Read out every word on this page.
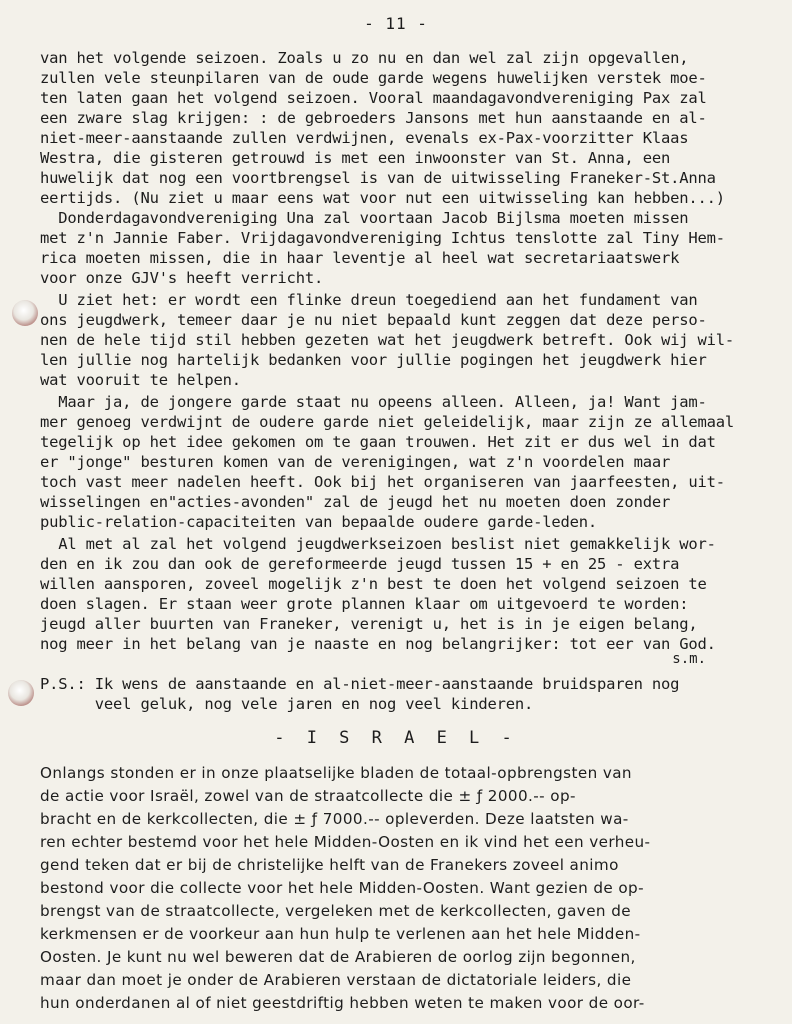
- 11 -
van het volgende seizoen. Zoals u zo nu en dan wel zal zijn opgevallen,
zullen vele steunpilaren van de oude garde wegens huwelijken verstek moe-
ten laten gaan het volgend seizoen. Vooral maandagavondvereniging Pax zal
een zware slag krijgen: : de gebroeders Jansons met hun aanstaande en al-
niet-meer-aanstaande zullen verdwijnen, evenals ex-Pax-voorzitter Klaas
Westra, die gisteren getrouwd is met een inwoonster van St. Anna, een
huwelijk dat nog een voortbrengsel is van de uitwisseling Franeker-St.Anna
eertijds. (Nu ziet u maar eens wat voor nut een uitwisseling kan hebben...)
Donderdagavondvereniging Una zal voortaan Jacob Bijlsma moeten missen
met z'n Jannie Faber. Vrijdagavondvereniging Ichtus tenslotte zal Tiny Hem-
rica moeten missen, die in haar leventje al heel wat secretariaatswerk
voor onze GJV's heeft verricht.
U ziet het: er wordt een flinke dreun toegediend aan het fundament van
ons jeugdwerk, temeer daar je nu niet bepaald kunt zeggen dat deze perso-
nen de hele tijd stil hebben gezeten wat het jeugdwerk betreft. Ook wij wil-
len jullie nog hartelijk bedanken voor jullie pogingen het jeugdwerk hier
wat vooruit te helpen.
Maar ja, de jongere garde staat nu opeens alleen. Alleen, ja! Want jam-
mer genoeg verdwijnt de oudere garde niet geleidelijk, maar zijn ze allemaal
tegelijk op het idee gekomen om te gaan trouwen. Het zit er dus wel in dat
er "jonge" besturen komen van de verenigingen, wat z'n voordelen maar
toch vast meer nadelen heeft. Ook bij het organiseren van jaarfeesten, uit-
wisselingen en"acties-avonden" zal de jeugd het nu moeten doen zonder
public-relation-capaciteiten van bepaalde oudere garde-leden.
Al met al zal het volgend jeugdwerkseizoen beslist niet gemakkelijk wor-
den en ik zou dan ook de gereformeerde jeugd tussen 15 + en 25 - extra
willen aansporen, zoveel mogelijk z'n best te doen het volgend seizoen te
doen slagen. Er staan weer grote plannen klaar om uitgevoerd te worden:
jeugd aller buurten van Franeker, verenigt u, het is in je eigen belang,
nog meer in het belang van je naaste en nog belangrijker: tot eer van God.
s.m.
P.S.: Ik wens de aanstaande en al-niet-meer-aanstaande bruidsparen nog
veel geluk, nog vele jaren en nog veel kinderen.
- I S R A E L -
Onlangs stonden er in onze plaatselijke bladen de totaal-opbrengsten van
de actie voor Israël, zowel van de straatcollecte die ± ƒ 2000.-- op-
bracht en de kerkcollecten, die ± ƒ 7000.-- opleverden. Deze laatsten wa-
ren echter bestemd voor het hele Midden-Oosten en ik vind het een verheu-
gend teken dat er bij de christelijke helft van de Franekers zoveel animo
bestond voor die collecte voor het hele Midden-Oosten. Want gezien de op-
brengst van de straatcollecte, vergeleken met de kerkcollecten, gaven de
kerkmensen er de voorkeur aan hun hulp te verlenen aan het hele Midden-
Oosten. Je kunt nu wel beweren dat de Arabieren de oorlog zijn begonnen,
maar dan moet je onder de Arabieren verstaan de dictatoriale leiders, die
hun onderdanen al of niet geestdriftig hebben weten te maken voor de oor-
